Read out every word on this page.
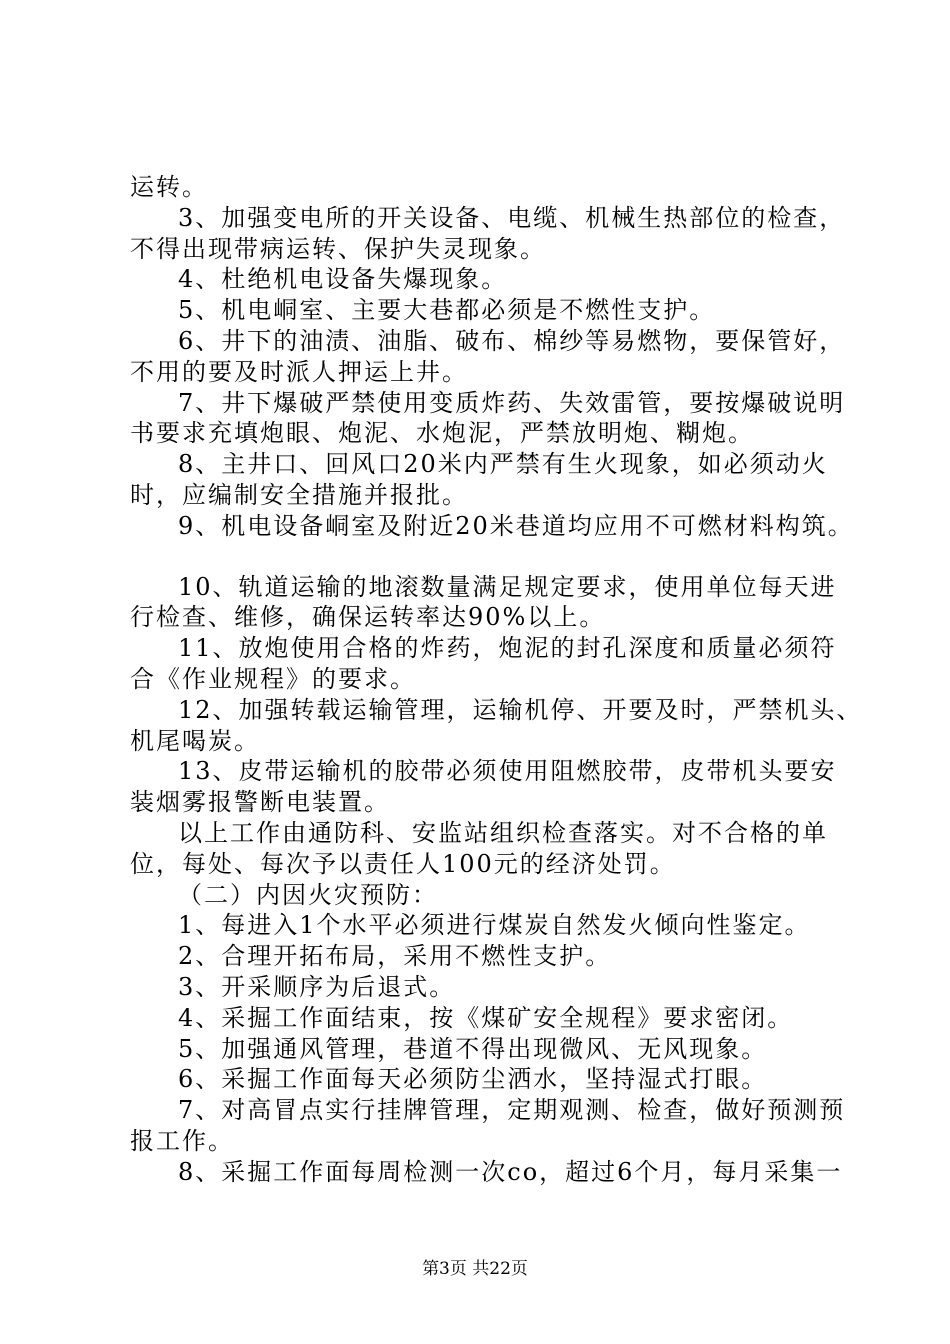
运转。
3、加强变电所的开关设备、电缆、机械生热部位的检查，
不得出现带病运转、保护失灵现象。
4、杜绝机电设备失爆现象。
5、机电峒室、主要大巷都必须是不燃性支护。
6、井下的油渍、油脂、破布、棉纱等易燃物，要保管好，
不用的要及时派人押运上井。
7、井下爆破严禁使用变质炸药、失效雷管，要按爆破说明
书要求充填炮眼、炮泥、水炮泥，严禁放明炮、糊炮。
8、主井口、回风口20米内严禁有生火现象，如必须动火
时，应编制安全措施并报批。
9、机电设备峒室及附近20米巷道均应用不可燃材料构筑。
10、轨道运输的地滚数量满足规定要求，使用单位每天进
行检查、维修，确保运转率达90%以上。
11、放炮使用合格的炸药，炮泥的封孔深度和质量必须符
合《作业规程》的要求。
12、加强转载运输管理，运输机停、开要及时，严禁机头、
机尾喝炭。
13、皮带运输机的胶带必须使用阻燃胶带，皮带机头要安
装烟雾报警断电装置。
以上工作由通防科、安监站组织检查落实。对不合格的单
位，每处、每次予以责任人100元的经济处罚。
（二）内因火灾预防：
1、每进入1个水平必须进行煤炭自然发火倾向性鉴定。
2、合理开拓布局，采用不燃性支护。
3、开采顺序为后退式。
4、采掘工作面结束，按《煤矿安全规程》要求密闭。
5、加强通风管理，巷道不得出现微风、无风现象。
6、采掘工作面每天必须防尘洒水，坚持湿式打眼。
7、对高冒点实行挂牌管理，定期观测、检查，做好预测预
报工作。
8、采掘工作面每周检测一次co，超过6个月，每月采集一
第3页 共22页
